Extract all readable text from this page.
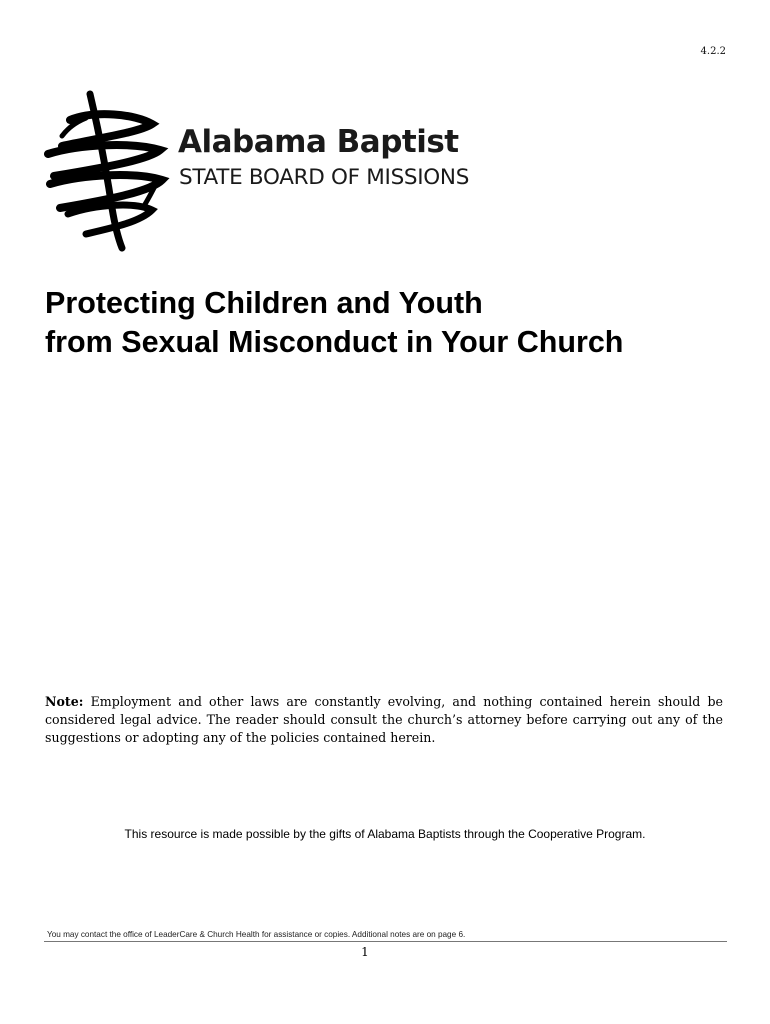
4.2.2
Alabama Baptist
STATE BOARD OF MISSIONS
Protecting Children and Youth
from Sexual Misconduct in Your Church
Note: Employment and other laws are constantly evolving, and nothing contained herein should be considered legal advice. The reader should consult the church’s attorney before carrying out any of the suggestions or adopting any of the policies contained herein.
This resource is made possible by the gifts of Alabama Baptists through the Cooperative Program.
You may contact the office of LeaderCare & Church Health for assistance or copies. Additional notes are on page 6.
1
